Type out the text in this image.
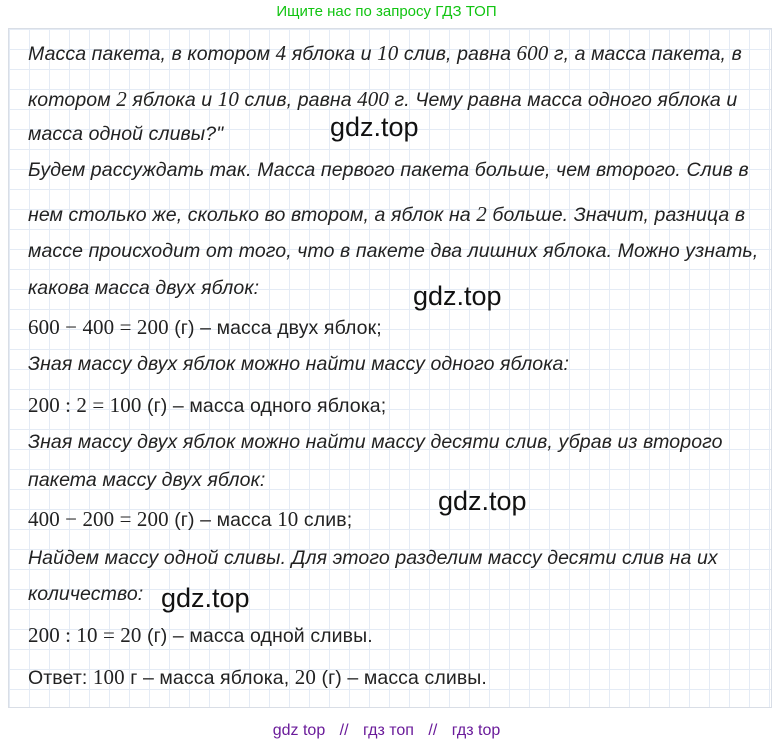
Ищите нас по запросу ГДЗ ТОП
Масса пакета, в котором 4 яблока и 10 слив, равна 600 г, а масса пакета, в
котором 2 яблока и 10 слив, равна 400 г. Чему равна масса одного яблока и
масса одной сливы?"
Будем рассуждать так. Масса первого пакета больше, чем второго. Слив в
нем столько же, сколько во втором, а яблок на 2 больше. Значит, разница в
массе происходит от того, что в пакете два лишних яблока. Можно узнать,
какова масса двух яблок:
600 − 400 = 200 (г) – масса двух яблок;
Зная массу двух яблок можно найти массу одного яблока:
200 : 2 = 100 (г) – масса одного яблока;
Зная массу двух яблок можно найти массу десяти слив, убрав из второго
пакета массу двух яблок:
400 − 200 = 200 (г) – масса 10 слив;
Найдем массу одной сливы. Для этого разделим массу десяти слив на их
количество:
200 : 10 = 20 (г) – масса одной сливы.
Ответ: 100 г – масса яблока, 20 (г) – масса сливы.
gdz.top
gdz.top
gdz.top
gdz.top
gdz top // гдз топ // гдз top
